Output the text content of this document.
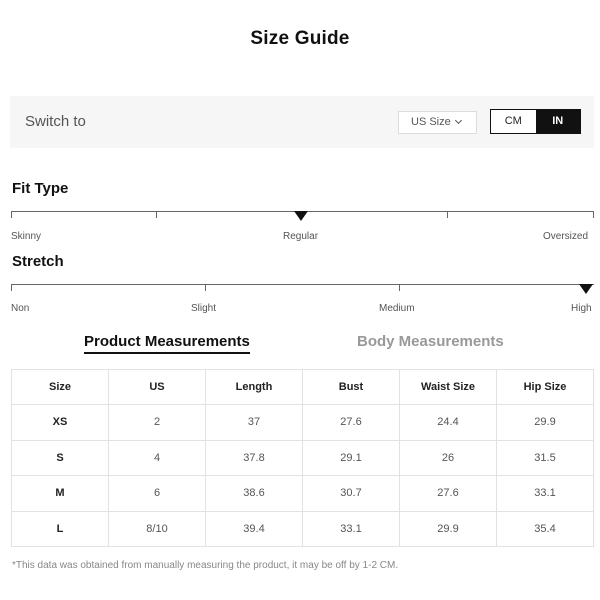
Size Guide
Switch to	US Size	CM	IN
Fit Type
Skinny	Regular	Oversized
Stretch
Non	Slight	Medium	High
Product Measurements	Body Measurements
Size	US	Length	Bust	Waist Size	Hip Size
XS	2	37	27.6	24.4	29.9
S	4	37.8	29.1	26	31.5
M	6	38.6	30.7	27.6	33.1
L	8/10	39.4	33.1	29.9	35.4
*This data was obtained from manually measuring the product, it may be off by 1-2 CM.
